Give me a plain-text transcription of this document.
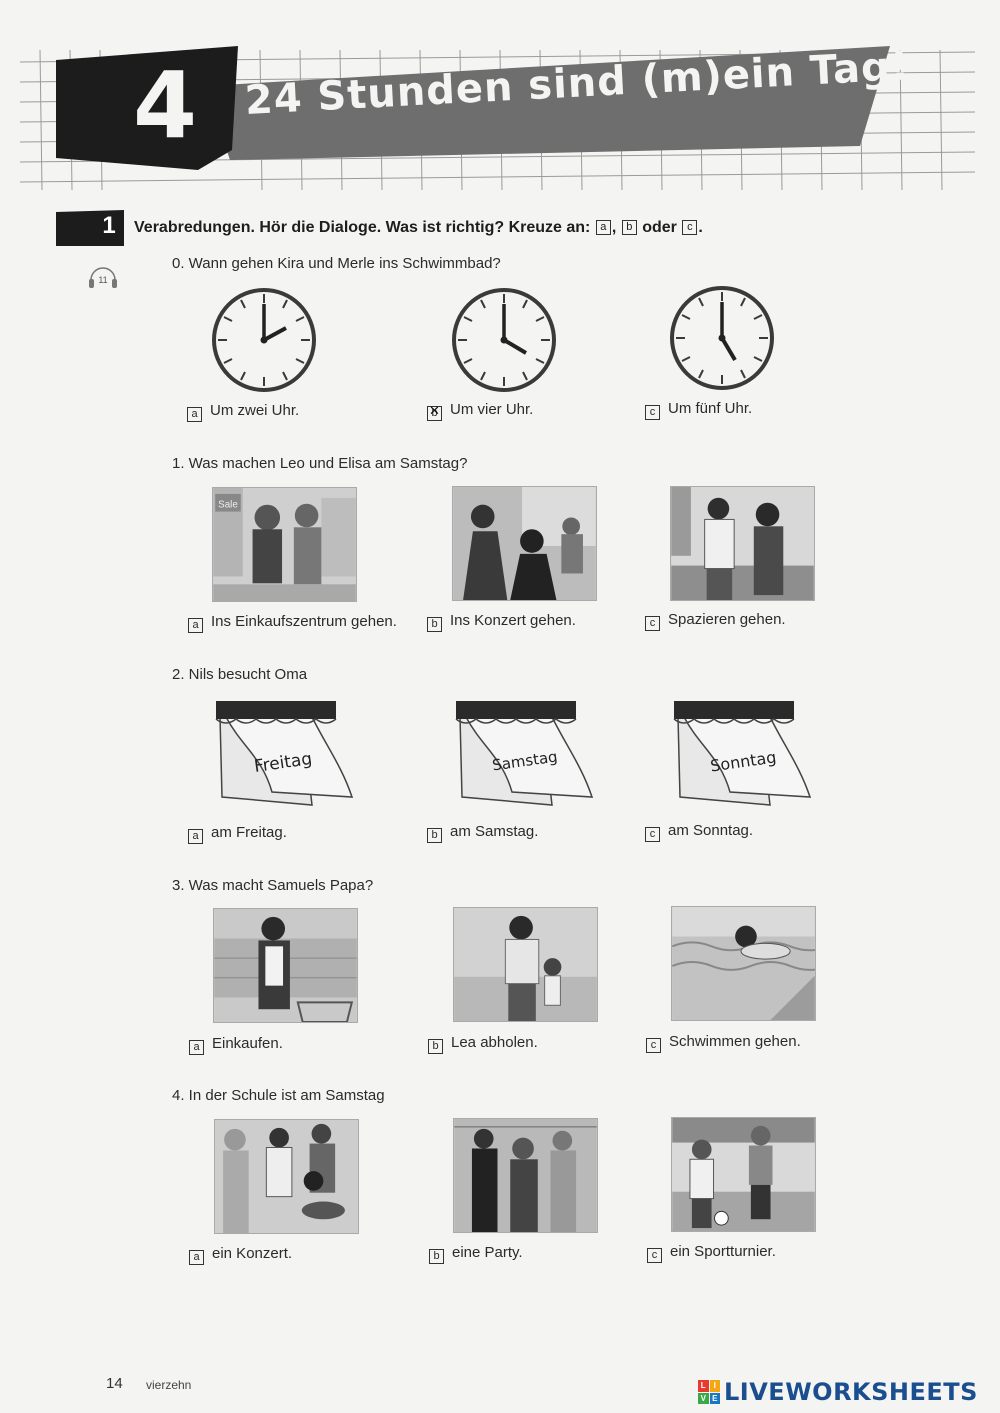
4	24 Stunden sind (m)ein Tag!
1	Verabredungen. Hör die Dialoge. Was ist richtig? Kreuze an: a , b oder c .
11
0. Wann gehen Kira und Merle ins Schwimmbad?
a Um zwei Uhr.	b ✕ Um vier Uhr.	c Um fünf Uhr.
1. Was machen Leo und Elisa am Samstag?
Sale
a Ins Einkaufszentrum gehen.	b Ins Konzert gehen.	c Spazieren gehen.
2. Nils besucht Oma
Freitag	Samstag	Sonntag
a am Freitag.	b am Samstag.	c am Sonntag.
3. Was macht Samuels Papa?
a Einkaufen.	b Lea abholen.	c Schwimmen gehen.
4. In der Schule ist am Samstag
a ein Konzert.	b eine Party.	c ein Sportturnier.
14 vierzehn	L I
V E LIVEWORKSHEETS
